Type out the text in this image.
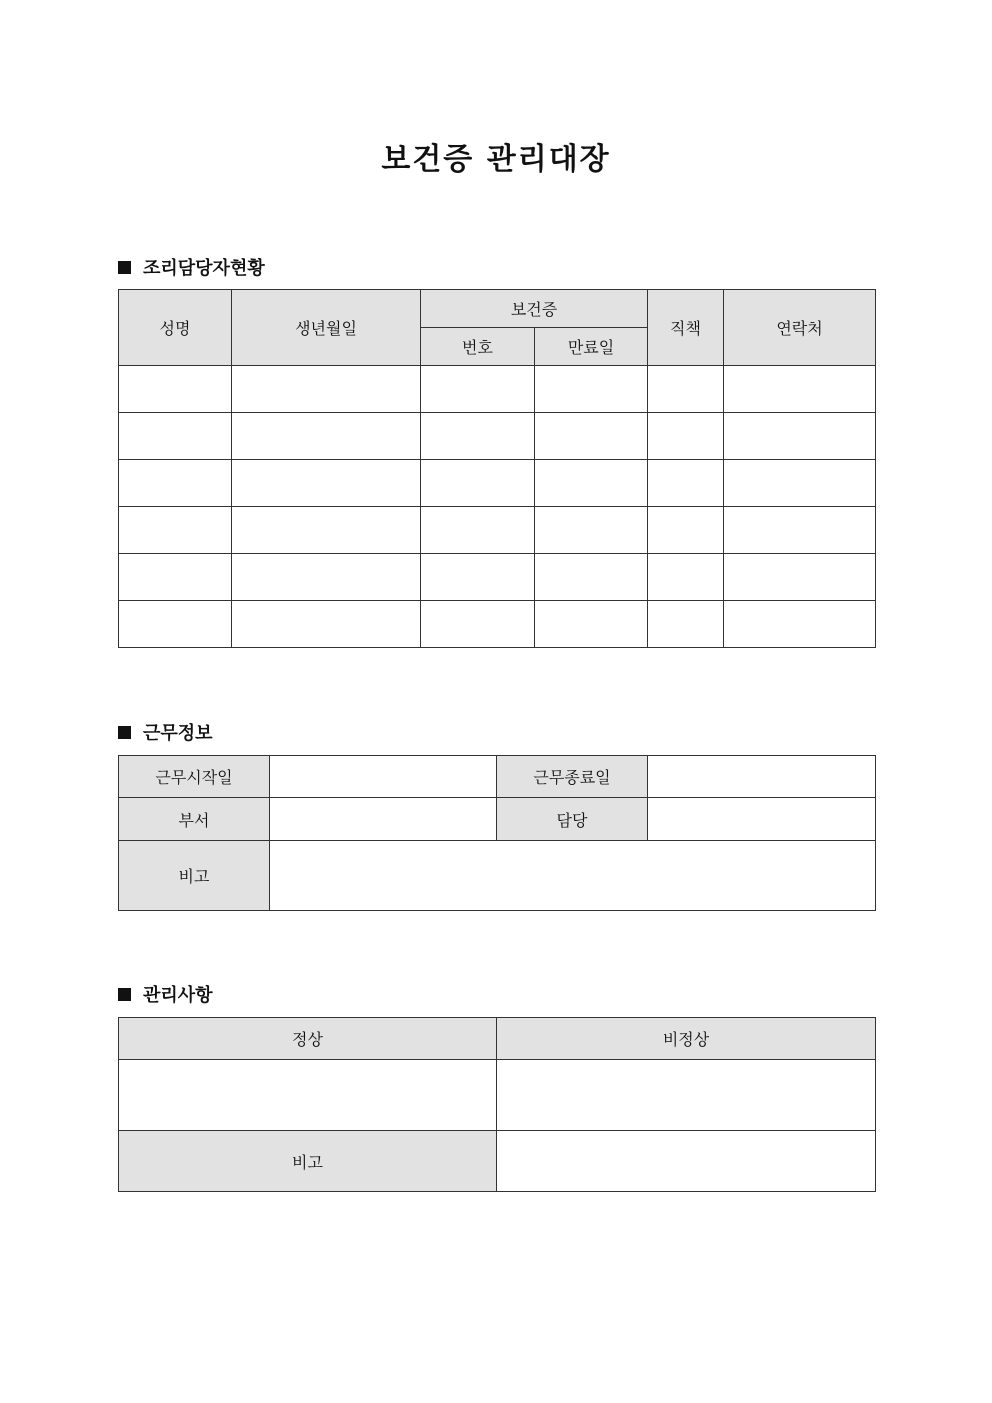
보건증 관리대장
조리담당자현황
성명	생년월일	보건증		직책	연락처
		번호	만료일		

근무정보
근무시작일		근무종료일	
부서		담당	
비고			
관리사항
정상	비정상

비고	
